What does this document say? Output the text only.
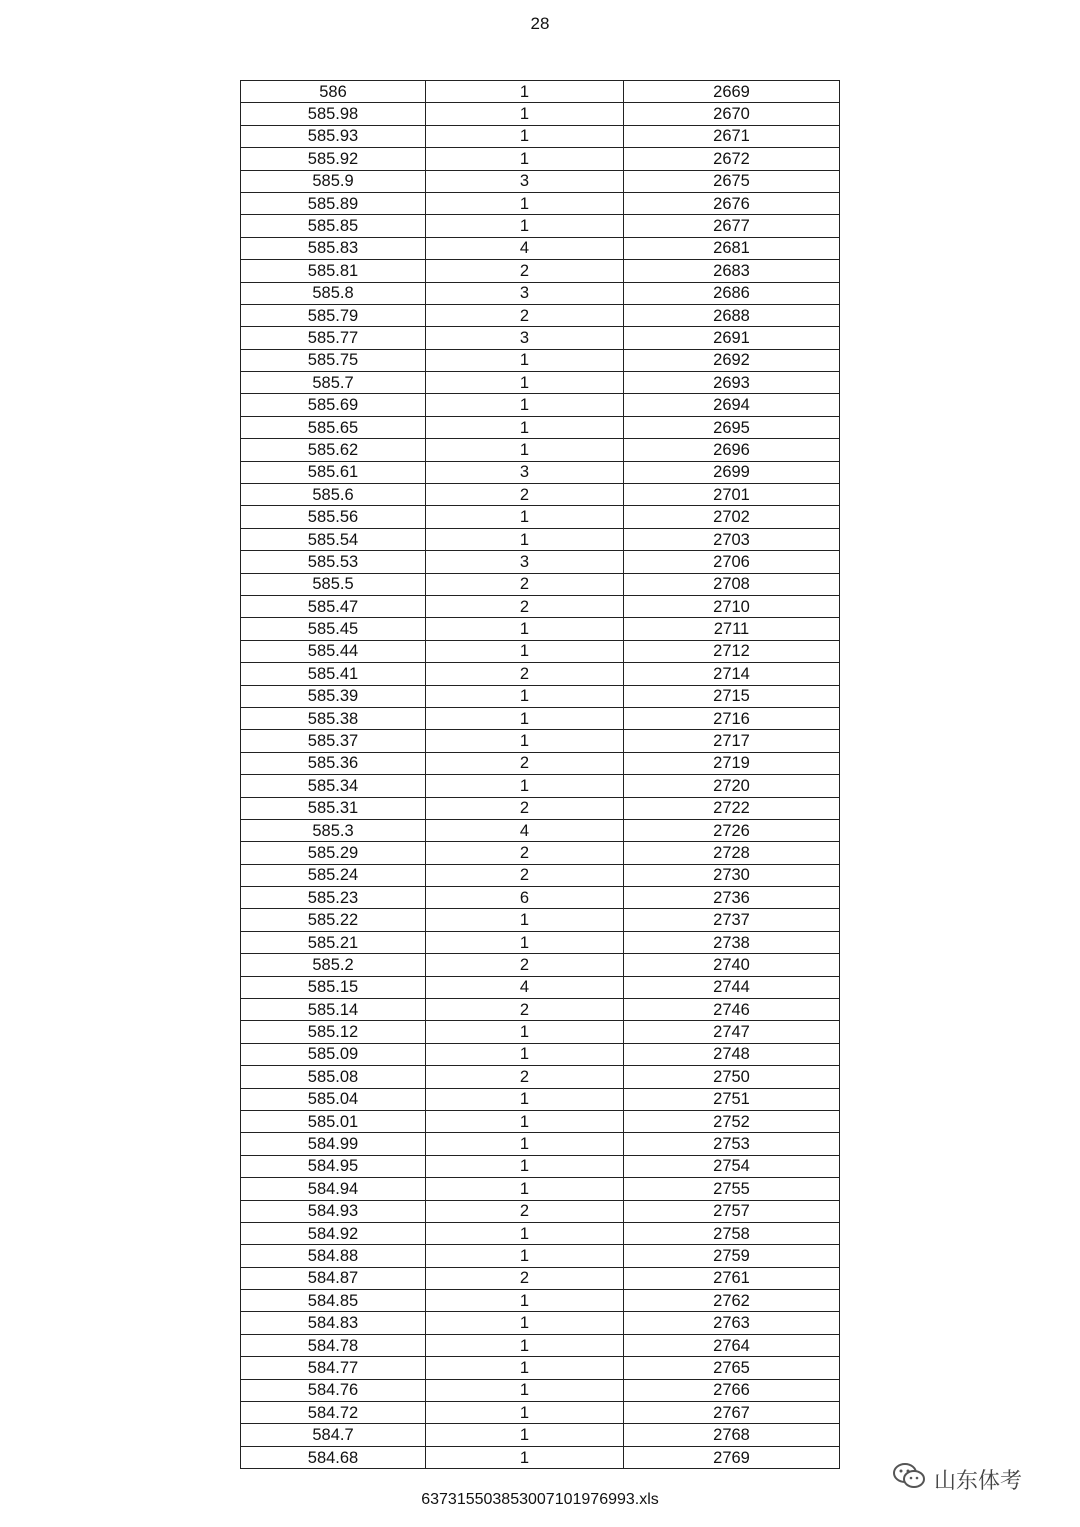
28
586	1	2669
585.98	1	2670
585.93	1	2671
585.92	1	2672
585.9	3	2675
585.89	1	2676
585.85	1	2677
585.83	4	2681
585.81	2	2683
585.8	3	2686
585.79	2	2688
585.77	3	2691
585.75	1	2692
585.7	1	2693
585.69	1	2694
585.65	1	2695
585.62	1	2696
585.61	3	2699
585.6	2	2701
585.56	1	2702
585.54	1	2703
585.53	3	2706
585.5	2	2708
585.47	2	2710
585.45	1	2711
585.44	1	2712
585.41	2	2714
585.39	1	2715
585.38	1	2716
585.37	1	2717
585.36	2	2719
585.34	1	2720
585.31	2	2722
585.3	4	2726
585.29	2	2728
585.24	2	2730
585.23	6	2736
585.22	1	2737
585.21	1	2738
585.2	2	2740
585.15	4	2744
585.14	2	2746
585.12	1	2747
585.09	1	2748
585.08	2	2750
585.04	1	2751
585.01	1	2752
584.99	1	2753
584.95	1	2754
584.94	1	2755
584.93	2	2757
584.92	1	2758
584.88	1	2759
584.87	2	2761
584.85	1	2762
584.83	1	2763
584.78	1	2764
584.77	1	2765
584.76	1	2766
584.72	1	2767
584.7	1	2768
584.68	1	2769
山东体考
637315503853007101976993.xls
